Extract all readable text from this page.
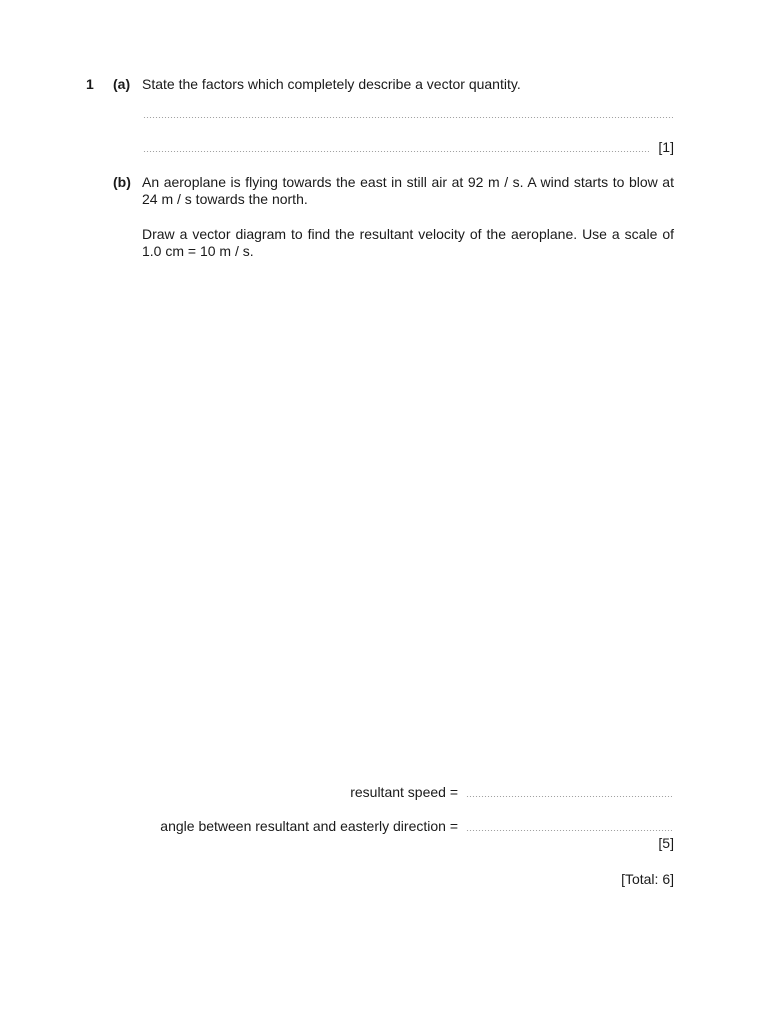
1 (a) State the factors which completely describe a vector quantity.
[1]
(b) An aeroplane is flying towards the east in still air at 92 m / s. A wind starts to blow at 24 m / s towards the north.
Draw a vector diagram to find the resultant velocity of the aeroplane. Use a scale of 1.0 cm = 10 m / s.
resultant speed =
angle between resultant and easterly direction =
[5]
[Total: 6]
